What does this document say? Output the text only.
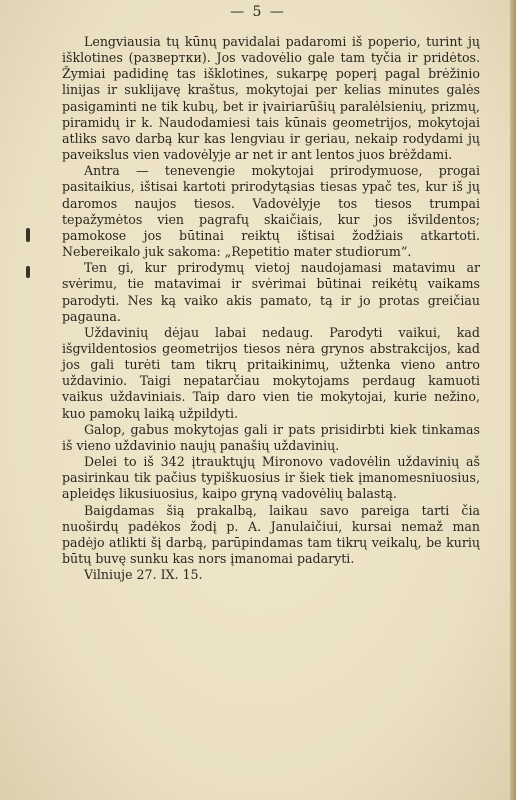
— 5 —

Lengviausia tų kūnų pavidalai padaromi iš poperio, turint jų išklotines (развертки). Jos vadovėlio gale tam tyčia ir pridėtos. Žymiai padidinę tas išklotines, sukarpę poperį pagal brėžinio linijas ir suklijavę kraštus, mokytojai per kelias minutes galės pasigaminti ne tik kubų, bet ir įvairiarūšių paralėlsienių, prizmų, piramidų ir k. Naudodamiesi tais kūnais geometrijos, mokytojai atliks savo darbą kur kas lengviau ir geriau, nekaip rodydami jų paveikslus vien vadovėlyje ar net ir ant lentos juos brėždami.

Antra — tenevengie mokytojai prirodymuose, progai pasitaikius, ištisai kartoti prirodytąsias tiesas ypač tes, kur iš jų daromos naujos tiesos. Vadovėlyje tos tiesos trumpai tepažymėtos vien pagrafų skaičiais, kur jos išvildentos; pamokose jos būtinai reiktų ištisai žodžiais atkartoti. Nebereikalo juk sakoma: „Repetitio mater studiorum“.

Ten gi, kur prirodymų vietoj naudojamasi matavimu ar svėrimu, tie matavimai ir svėrimai būtinai reikėtų vaikams parodyti. Nes ką vaiko akis pamato, tą ir jo protas greičiau pagauna.

Uždavinių dėjau labai nedaug. Parodyti vaikui, kad išgvildentosios geometrijos tiesos nėra grynos abstrakcijos, kad jos gali turėti tam tikrų pritaikinimų, užtenka vieno antro uždavinio. Taigi nepatarčiau mokytojams perdaug kamuoti vaikus uždaviniais. Taip daro vien tie mokytojai, kurie nežino, kuo pamokų laiką užpildyti.

Galop, gabus mokytojas gali ir pats prisidirbti kiek tinkamas iš vieno uždavinio naujų panašių uždavinių.

Delei to iš 342 įtrauktųjų Mironovo vadovėlin uždavinių aš pasirinkau tik pačius typiškuosius ir šiek tiek įmanomesniuosius, apleidęs likusiuosius, kaipo gryną vadovėlių balastą.

Baigdamas šią prakalbą, laikau savo pareiga tarti čia nuoširdų padėkos žodį p. A. Janulaičiui, kursai nemaž man padėjo atlikti šį darbą, parūpindamas tam tikrų veikalų, be kurių būtų buvę sunku kas nors įmanomai padaryti.

Vilniuje 27. IX. 15.
